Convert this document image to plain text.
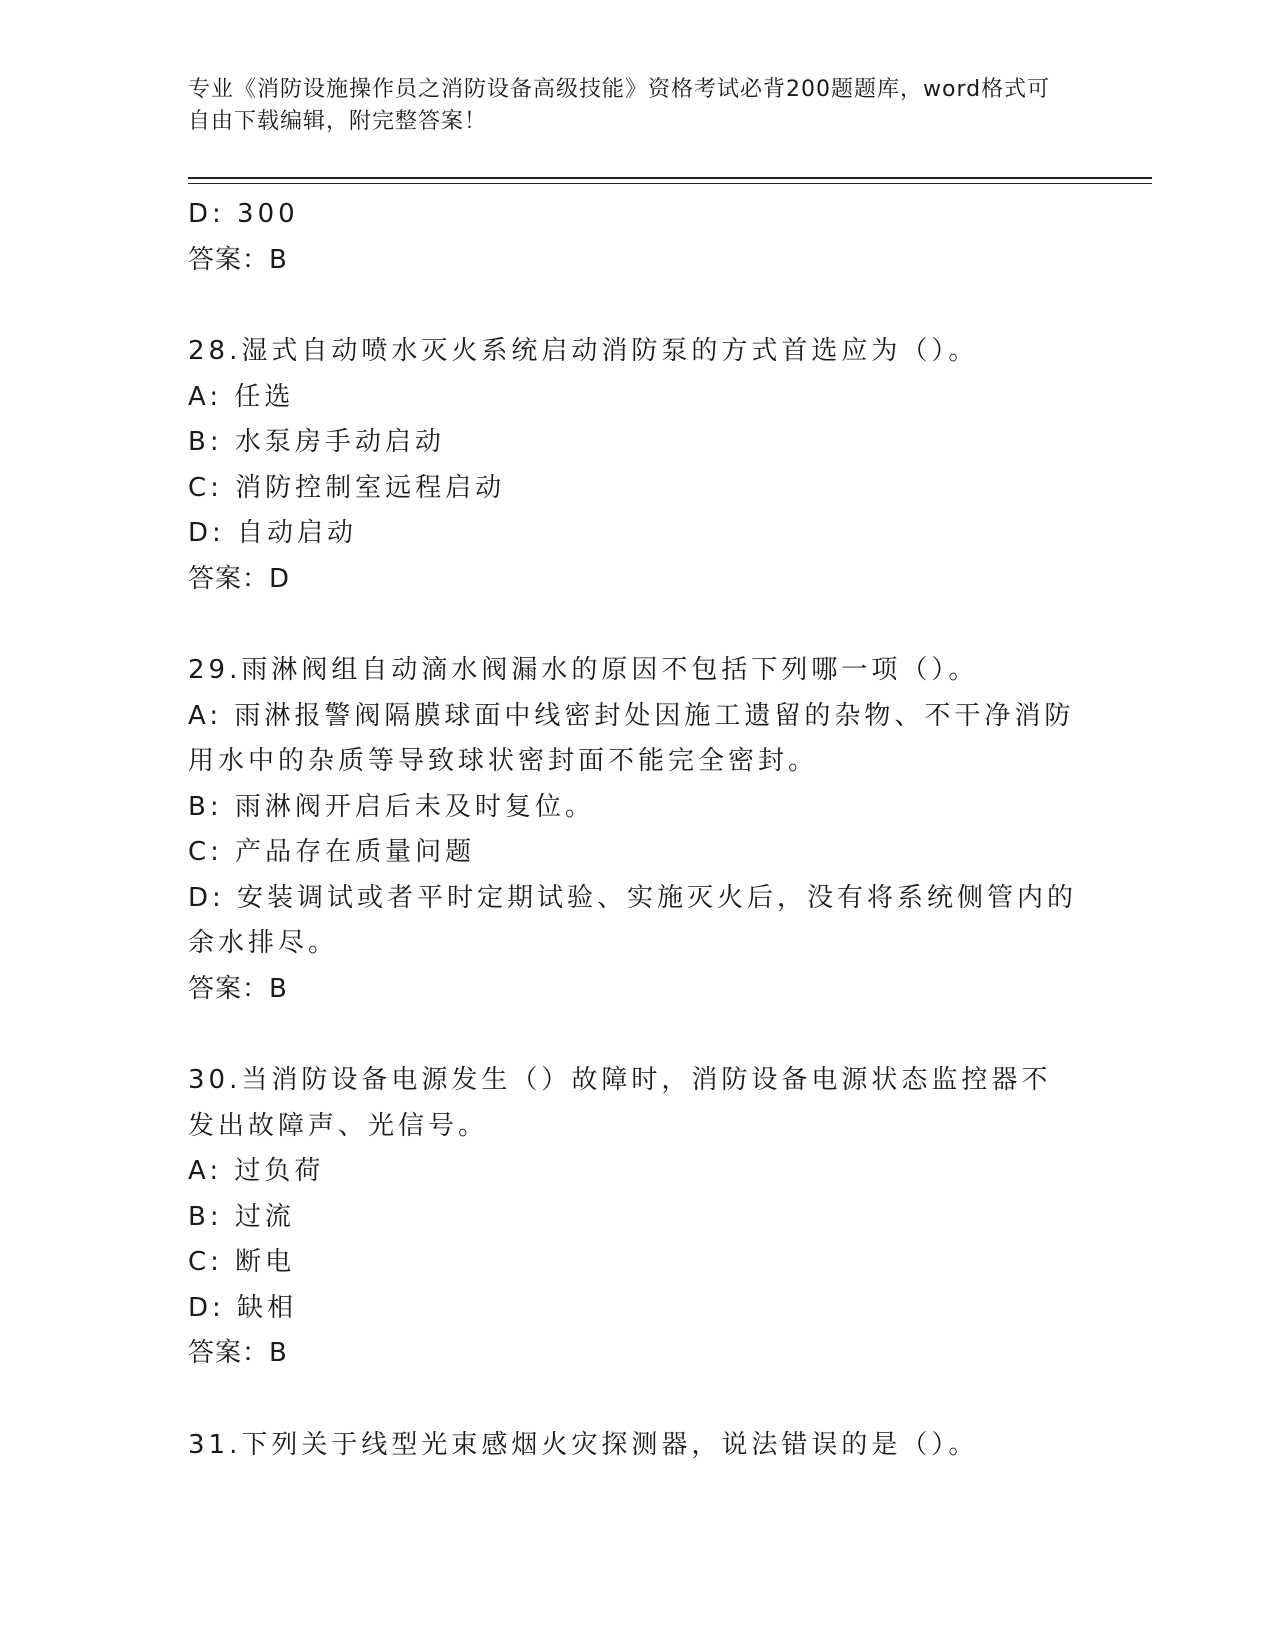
专业《消防设施操作员之消防设备高级技能》资格考试必背200题题库，word格式可自由下载编辑，附完整答案！
D: 300
答案：B
28.湿式自动喷水灭火系统启动消防泵的方式首选应为（）。
A: 任选
B: 水泵房手动启动
C: 消防控制室远程启动
D: 自动启动
答案：D
29.雨淋阀组自动滴水阀漏水的原因不包括下列哪一项（）。
A: 雨淋报警阀隔膜球面中线密封处因施工遗留的杂物、不干净消防用水中的杂质等导致球状密封面不能完全密封。
B: 雨淋阀开启后未及时复位。
C: 产品存在质量问题
D: 安装调试或者平时定期试验、实施灭火后，没有将系统侧管内的余水排尽。
答案：B
30.当消防设备电源发生（）故障时，消防设备电源状态监控器不发出故障声、光信号。
A: 过负荷
B: 过流
C: 断电
D: 缺相
答案：B
31.下列关于线型光束感烟火灾探测器，说法错误的是（）。
